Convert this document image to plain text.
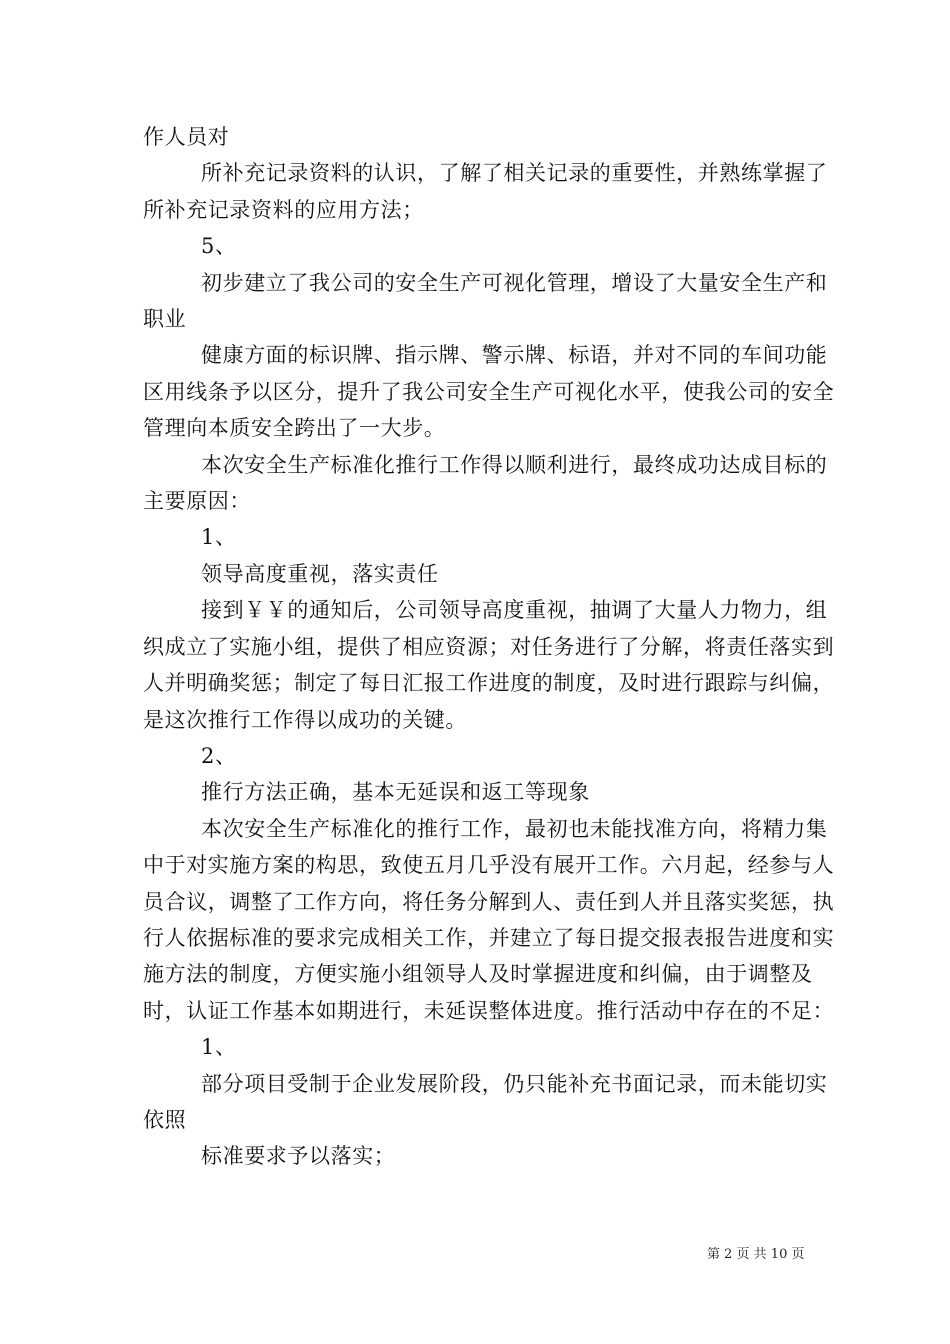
作人员对

所补充记录资料的认识，了解了相关记录的重要性，并熟练掌握了所补充记录资料的应用方法；

5、

初步建立了我公司的安全生产可视化管理，增设了大量安全生产和职业

健康方面的标识牌、指示牌、警示牌、标语，并对不同的车间功能区用线条予以区分，提升了我公司安全生产可视化水平，使我公司的安全管理向本质安全跨出了一大步。

本次安全生产标准化推行工作得以顺利进行，最终成功达成目标的主要原因：

1、

领导高度重视，落实责任

接到￥￥的通知后，公司领导高度重视，抽调了大量人力物力，组织成立了实施小组，提供了相应资源；对任务进行了分解，将责任落实到人并明确奖惩；制定了每日汇报工作进度的制度，及时进行跟踪与纠偏，是这次推行工作得以成功的关键。

2、

推行方法正确，基本无延误和返工等现象

本次安全生产标准化的推行工作，最初也未能找准方向，将精力集中于对实施方案的构思，致使五月几乎没有展开工作。六月起，经参与人员合议，调整了工作方向，将任务分解到人、责任到人并且落实奖惩，执行人依据标准的要求完成相关工作，并建立了每日提交报表报告进度和实施方法的制度，方便实施小组领导人及时掌握进度和纠偏，由于调整及时，认证工作基本如期进行，未延误整体进度。推行活动中存在的不足：

1、

部分项目受制于企业发展阶段，仍只能补充书面记录，而未能切实依照

标准要求予以落实；

第 2 页 共 10 页
